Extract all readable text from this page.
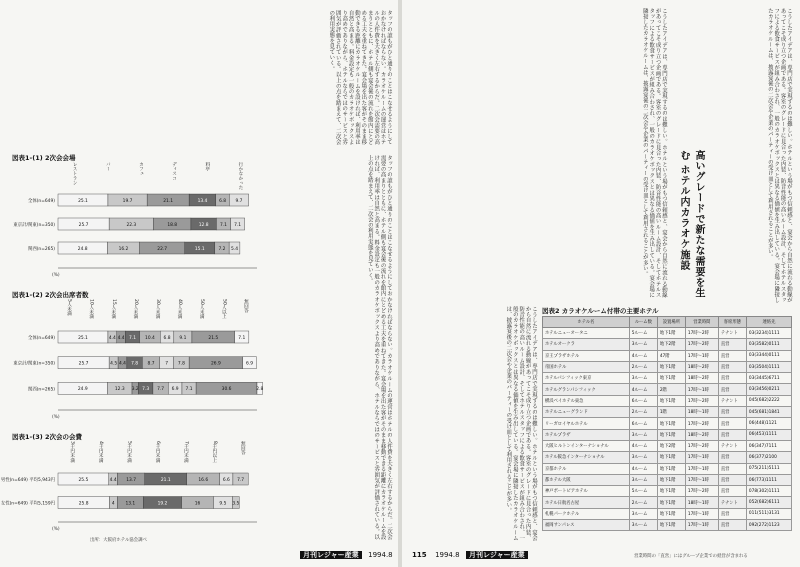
タッフの誰もがひと通りのことはこなせるようにしておかなければならない。カラオケルームの運営はホテルの人件費を大きく左右するからだ。二次会需要の高まりとともに、ホテル側も宴会後の流れを館内にとどめる工夫を重ねてきた。宴会場を出た客がそのまま移動できる距離にカラオケルームを設ければ、利用率は自然と高まる。料金設定も一般のカラオケボックスより高めでありながら、ホテルならではのサービスと雰囲気が評価されている。以上の点を踏まえて、二次会の利用実態を見ていく。
図表1-(1) 2次会会場
レストラン	バー	カフェ	ディスコ	料亭	行かなかった
全体(n=649)	25.1	19.7	21.1	13.4	6.8 9.7
東京計/関東(n=350)	25.7	22.3	18.8	12.8	7.1 7.1
関西(n=265)	24.8	16.2	22.7	15.1	7.2 5.4
(%)
図表1-(2) 2次会出席者数
5人未満	10人未満	15人未満	20人未満	30人未満	40人未満	50人未満	50人以上	無回答
全体(n=649)	25.1	4.4 4.4 7.1 10.4 6.8 9.1	21.5	7.1
東京計/関東(n=350)	25.7	4.5 4.4 7.8 8.7 7 7.8	26.9	6.9
関西(n=265)	24.9	12.3 3.2 7.3 7.7 6.9 7.1	30.6	2.8
(%)
図表1-(3) 2次会の会費
3千円未満	4千円未満	5千円未満	6千円未満	7千円未満	8千円以上	無回答
男性(n=649) 平均5,943円	25.5	4.4 13.7	21.1	16.6	6.6 7.7
女性(n=649) 平均5,159円	25.8	4 13.1	19.2	16	9.5 3.5
(%)
出所：大阪府ホテル協会調べ
タッフの誰もがひと通りのことはこなせるようにしておかなければならない。カラオケルームの運営はホテルの人件費を大きく左右するからだ。二次会需要の高まりとともに、ホテル側も宴会後の流れを館内にとどめる工夫を重ねてきた。宴会場を出た客がそのまま移動できる距離にカラオケルームを設ければ、利用率は自然と高まる。料金設定も一般のカラオケボックスより高めでありながら、ホテルならではのサービスと雰囲気が評価されている。以上の点を踏まえて、二次会の利用実態を見ていく。
月刊レジャー産業 1994.8
こうしたアイデアは、専門店で実現するのは難しい。ホテルという場がもつ信頼感と、宴会から自然に流れる動線があってこそ成り立つ企画である。客室のグレードに見合った内装、防音性能の高いルーム設計、そしてホテルスタッフによる飲食サービスが組み合わされ、一般のカラオケボックスとは異なる価値を生み出している。宴会場に隣接したカラオケルームは、披露宴後の二次会や企業のパーティーの受け皿として利用されることが多い。
高いグレードで新たな需要を生む ホテル内カラオケ施設
こうしたアイデアは、専門店で実現するのは難しい。ホテルという場がもつ信頼感と、宴会から自然に流れる動線があってこそ成り立つ企画である。客室のグレードに見合った内装、防音性能の高いルーム設計、そしてホテルスタッフによる飲食サービスが組み合わされ、一般のカラオケボックスとは異なる価値を生み出している。宴会場に隣接したカラオケルームは、披露宴後の二次会や企業のパーティーの受け皿として利用されることが多い。
図表2 カラオケルーム付帯の主要ホテル
ホテル名	ルーム数	設置場所	営業時間	客席形態	連絡先
ホテルニューオータニ	5ルーム	地下1階	17時〜2時	テナント	03(3234)1111
ホテルオークラ	3ルーム	地下2階	17時〜2時	直営	03(3582)0111
京王プラザホテル	4ルーム	47階	17時〜1時	直営	03(3344)0111
帝国ホテル	2ルーム	地下1階	18時〜2時	直営	03(3504)1111
ホテルパシフィック東京	3ルーム	地下1階	18時〜2時	直営	03(3445)6711
ホテルグランパシフィック	4ルーム	2階	17時〜1時	直営	03(3456)0211
横浜ベイホテル東急	6ルーム	地下1階	17時〜2時	テナント	045(682)2222
ホテルニューグランド	2ルーム	1階	18時〜1時	直営	045(681)1841
リーガロイヤルホテル	6ルーム	地下1階	17時〜2時	直営	06(448)1121
ホテルプラザ	3ルーム	地下1階	18時〜2時	直営	06(453)1111
大阪ヒルトンインターナショナル	4ルーム	地下2階	17時〜2時	テナント	06(347)7111
ホテル阪急インターナショナル	3ルーム	地下1階	17時〜1時	直営	06(377)2100
京都ホテル	4ルーム	地下1階	17時〜1時	直営	075(211)5111
都ホテル大阪	3ルーム	地下1階	17時〜1時	直営	06(773)1111
神戸ポートピアホテル	5ルーム	地下1階	17時〜2時	直営	078(302)1111
ホテル日航名古屋	2ルーム	地下1階	18時〜1時	テナント	052(682)6111
札幌パークホテル	3ルーム	地下1階	17時〜1時	直営	011(511)3131
福岡サンパレス	3ルーム	地下1階	17時〜1時	直営	092(272)1123
営業時間の「直営」にはグループ企業での経営が含まれる
こうしたアイデアは、専門店で実現するのは難しい。ホテルという場がもつ信頼感と、宴会から自然に流れる動線があってこそ成り立つ企画である。客室のグレードに見合った内装、防音性能の高いルーム設計、そしてホテルスタッフによる飲食サービスが組み合わされ、一般のカラオケボックスとは異なる価値を生み出している。宴会場に隣接したカラオケルームは、披露宴後の二次会や企業のパーティーの受け皿として利用されることが多い。
115 1994.8 月刊レジャー産業
